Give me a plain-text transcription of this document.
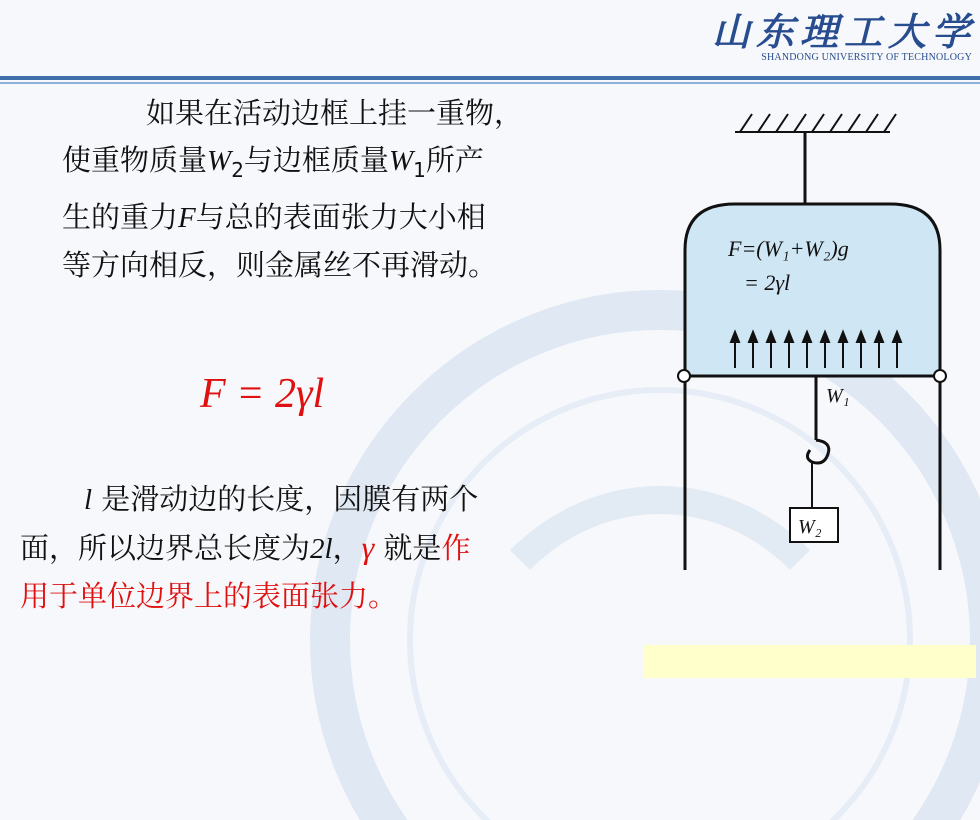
山东理工大学
SHANDONG UNIVERSITY OF TECHNOLOGY
如果在活动边框上挂一重物，
使重物质量$W_2$与边框质量$W_1$所产
生的重力F与总的表面张力大小相
等方向相反，则金属丝不再滑动。
F = 2γl
l 是滑动边的长度，因膜有两个
面，所以边界总长度为2l，γ 就是作
用于单位边界上的表面张力。
F=(W₁+W₂)g
= 2γl
W₁
W₂
